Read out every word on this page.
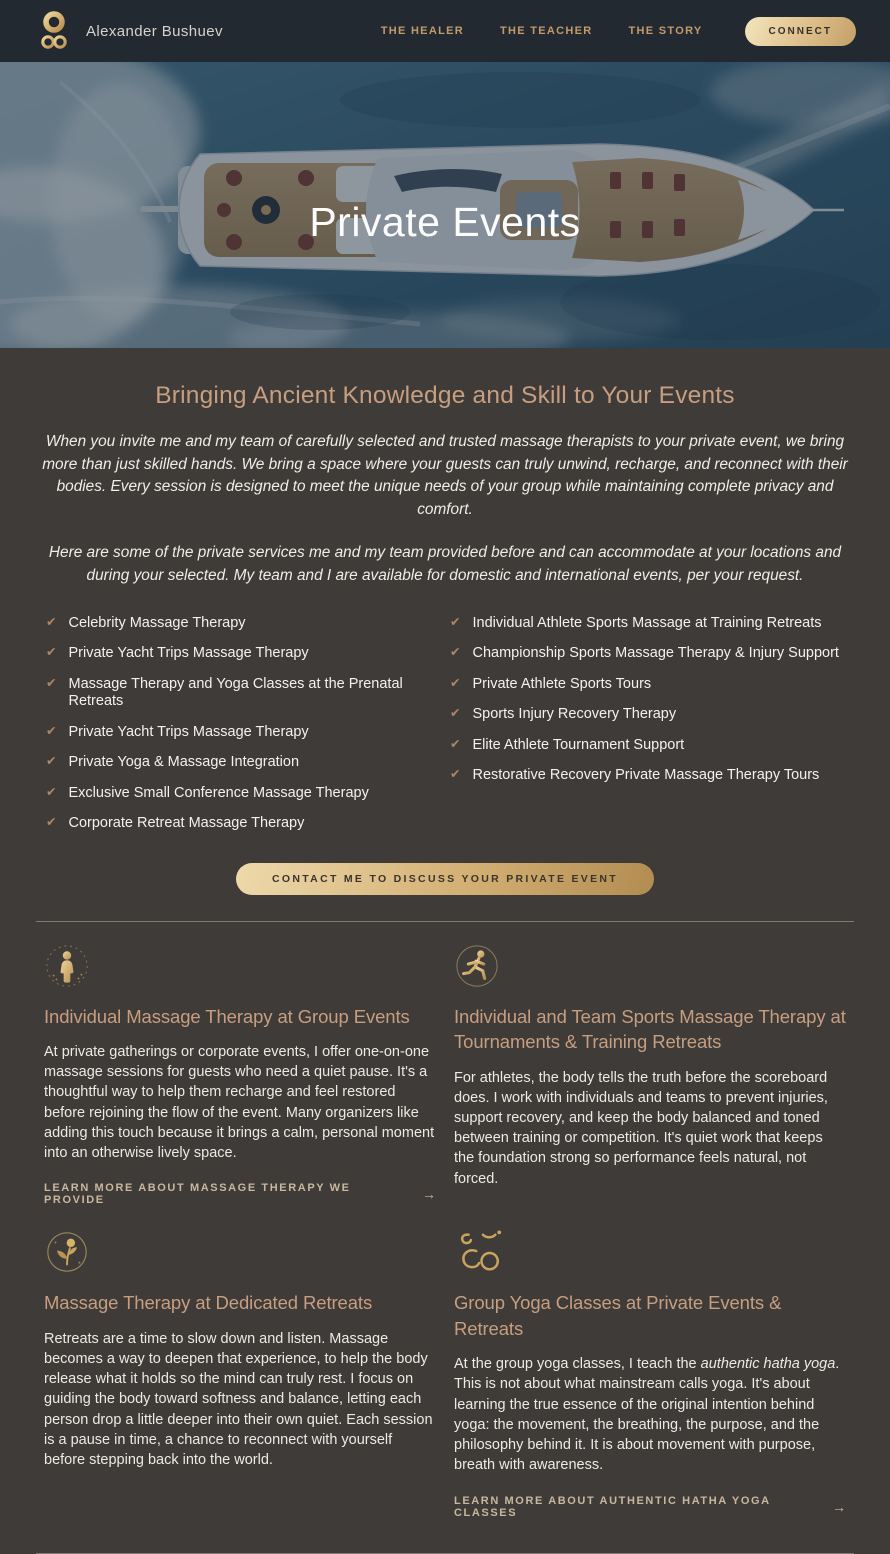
Alexander Bushuev	THE HEALER	THE TEACHER	THE STORY	CONNECT
Private Events
Bringing Ancient Knowledge and Skill to Your Events

When you invite me and my team of carefully selected and trusted massage therapists to your private event, we bring more than just skilled hands. We bring a space where your guests can truly unwind, recharge, and reconnect with their bodies. Every session is designed to meet the unique needs of your group while maintaining complete privacy and comfort.

Here are some of the private services me and my team provided before and can accommodate at your locations and during your selected. My team and I are available for domestic and international events, per your request.

✔ Celebrity Massage Therapy
✔ Private Yacht Trips Massage Therapy
✔ Massage Therapy and Yoga Classes at the Prenatal Retreats
✔ Private Yacht Trips Massage Therapy
✔ Private Yoga & Massage Integration
✔ Exclusive Small Conference Massage Therapy
✔ Corporate Retreat Massage Therapy
✔ Individual Athlete Sports Massage at Training Retreats
✔ Championship Sports Massage Therapy & Injury Support
✔ Private Athlete Sports Tours
✔ Sports Injury Recovery Therapy
✔ Elite Athlete Tournament Support
✔ Restorative Recovery Private Massage Therapy Tours
CONTACT ME TO DISCUSS YOUR PRIVATE EVENT
Individual Massage Therapy at Group Events

At private gatherings or corporate events, I offer one-on-one massage sessions for guests who need a quiet pause. It's a thoughtful way to help them recharge and feel restored before rejoining the flow of the event. Many organizers like adding this touch because it brings a calm, personal moment into an otherwise lively space.

LEARN MORE ABOUT MASSAGE THERAPY WE PROVIDE	→
Individual and Team Sports Massage Therapy at Tournaments & Training Retreats

For athletes, the body tells the truth before the scoreboard does. I work with individuals and teams to prevent injuries, support recovery, and keep the body balanced and toned between training or competition. It's quiet work that keeps the foundation strong so performance feels natural, not forced.

Massage Therapy at Dedicated Retreats

Retreats are a time to slow down and listen. Massage becomes a way to deepen that experience, to help the body release what it holds so the mind can truly rest. I focus on guiding the body toward softness and balance, letting each person drop a little deeper into their own quiet. Each session is a pause in time, a chance to reconnect with yourself before stepping back into the world.

Group Yoga Classes at Private Events & Retreats

At the group yoga classes, I teach the authentic hatha yoga. This is not about what mainstream calls yoga. It's about learning the true essence of the original intention behind yoga: the movement, the breathing, the purpose, and the philosophy behind it. It is about movement with purpose, breath with awareness.

LEARN MORE ABOUT AUTHENTIC HATHA YOGA CLASSES	→
